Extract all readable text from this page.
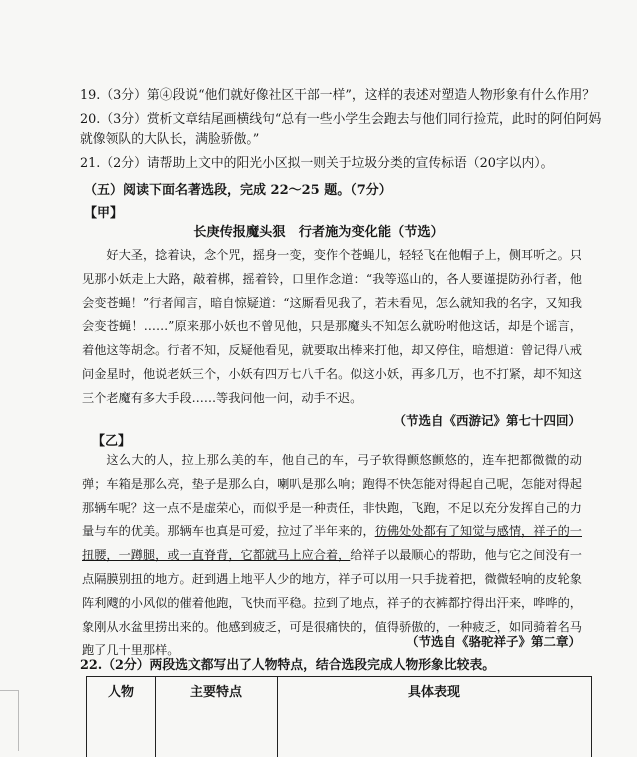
19.（3分）第④段说“他们就好像社区干部一样”，这样的表述对塑造人物形象有什么作用？
20.（3分）赏析文章结尾画横线句“总有一些小学生会跑去与他们同行捡荒，此时的阿伯阿妈
就像领队的大队长，满脸骄傲。”
21.（2分）请帮助上文中的阳光小区拟一则关于垃圾分类的宣传标语（20字以内）。
（五）阅读下面名著选段，完成 22～25 题。（7分）
【甲】
长庚传报魔头狠　行者施为变化能（节选）

好大圣，捻着诀，念个咒，摇身一变，变作个苍蝇儿，轻轻飞在他帽子上，侧耳听之。只见那小妖走上大路，敲着梆，摇着铃，口里作念道：“我等巡山的，各人要谨提防孙行者，他会变苍蝇！”行者闻言，暗自惊疑道：“这厮看见我了，若未看见，怎么就知我的名字，又知我会变苍蝇！……”原来那小妖也不曾见他，只是那魔头不知怎么就吩咐他这话，却是个谣言，着他这等胡念。行者不知，反疑他看见，就要取出棒来打他，却又停住，暗想道：曾记得八戒问金星时，他说老妖三个，小妖有四万七八千名。似这小妖，再多几万，也不打紧，却不知这三个老魔有多大手段……等我问他一问，动手不迟。

（节选自《西游记》第七十四回）
【乙】

这么大的人，拉上那么美的车，他自己的车，弓子软得颤悠颤悠的，连车把都微微的动弹；车箱是那么亮，垫子是那么白，喇叭是那么响；跑得不快怎能对得起自己呢，怎能对得起那辆车呢？这一点不是虚荣心，而似乎是一种责任，非快跑，飞跑，不足以充分发挥自己的力量与车的优美。那辆车也真是可爱，拉过了半年来的，彷佛处处都有了知觉与感情，祥子的一扭腰，一蹲腿，或一直脊背，它都就马上应合着，给祥子以最顺心的帮助，他与它之间没有一点隔膜别扭的地方。赶到遇上地平人少的地方，祥子可以用一只手拢着把，微微轻响的皮轮象阵利飕的小风似的催着他跑，飞快而平稳。拉到了地点，祥子的衣裤都拧得出汗来，哗哗的，象刚从水盆里捞出来的。他感到疲乏，可是很痛快的，值得骄傲的，一种疲乏，如同骑着名马跑了几十里那样。

（节选自《骆驼祥子》第二章）
22.（2分）两段选文都写出了人物特点，结合选段完成人物形象比较表。
人物	主要特点	具体表现
